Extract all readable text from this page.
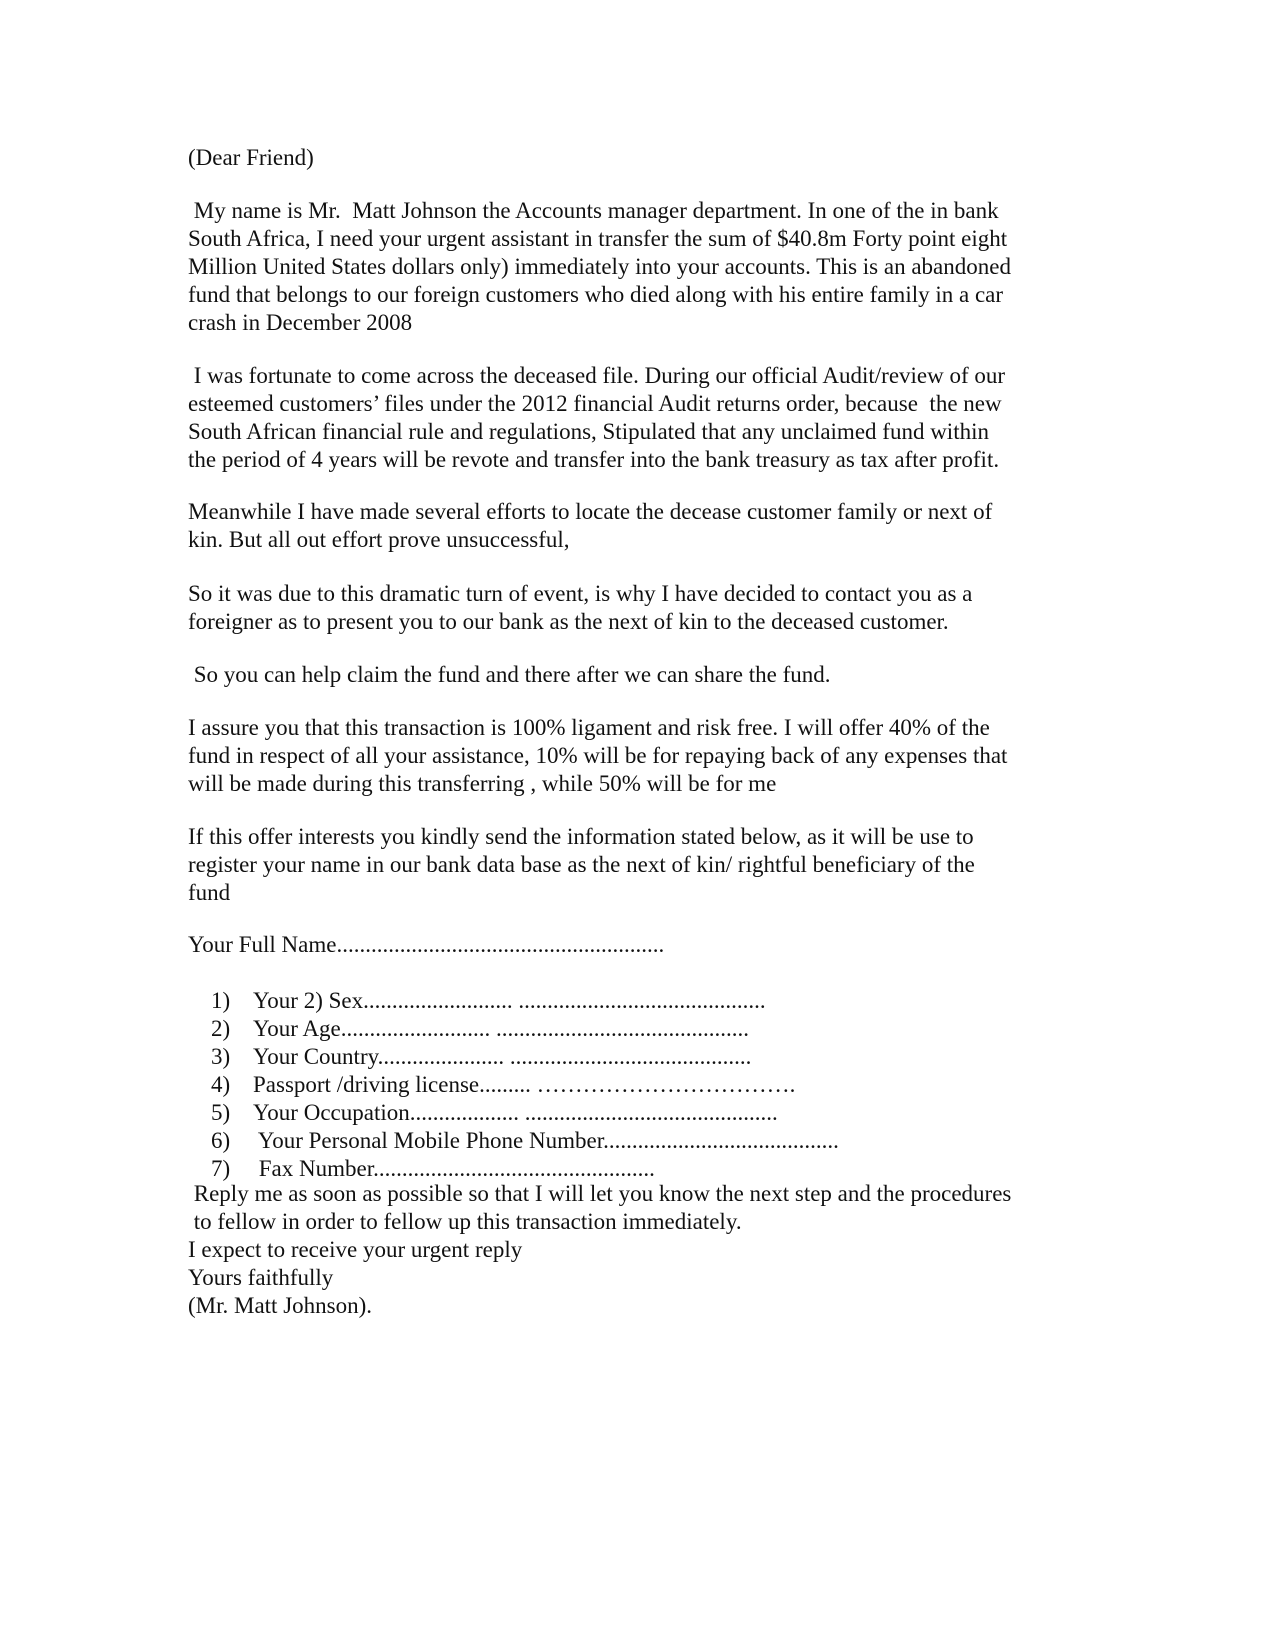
(Dear Friend)
My name is Mr.  Matt Johnson the Accounts manager department. In one of the in bank
South Africa, I need your urgent assistant in transfer the sum of $40.8m Forty point eight
Million United States dollars only) immediately into your accounts. This is an abandoned
fund that belongs to our foreign customers who died along with his entire family in a car
crash in December 2008
I was fortunate to come across the deceased file. During our official Audit/review of our
esteemed customers’ files under the 2012 financial Audit returns order, because  the new
South African financial rule and regulations, Stipulated that any unclaimed fund within
the period of 4 years will be revote and transfer into the bank treasury as tax after profit.
Meanwhile I have made several efforts to locate the decease customer family or next of
kin. But all out effort prove unsuccessful,
So it was due to this dramatic turn of event, is why I have decided to contact you as a
foreigner as to present you to our bank as the next of kin to the deceased customer.
So you can help claim the fund and there after we can share the fund.
I assure you that this transaction is 100% ligament and risk free. I will offer 40% of the
fund in respect of all your assistance, 10% will be for repaying back of any expenses that
will be made during this transferring , while 50% will be for me
If this offer interests you kindly send the information stated below, as it will be use to
register your name in our bank data base as the next of kin/ rightful beneficiary of the
fund
Your Full Name.........................................................

1) Your 2) Sex.......................... ...........................................

2) Your Age.......................... ............................................

3) Your Country...................... ..........................................

4) Passport /driving license......... …………………………….

5) Your Occupation................... ............................................

6) Your Personal Mobile Phone Number.........................................

7) Fax Number.................................................

Reply me as soon as possible so that I will let you know the next step and the procedures
to fellow in order to fellow up this transaction immediately.
I expect to receive your urgent reply
Yours faithfully
(Mr. Matt Johnson).
